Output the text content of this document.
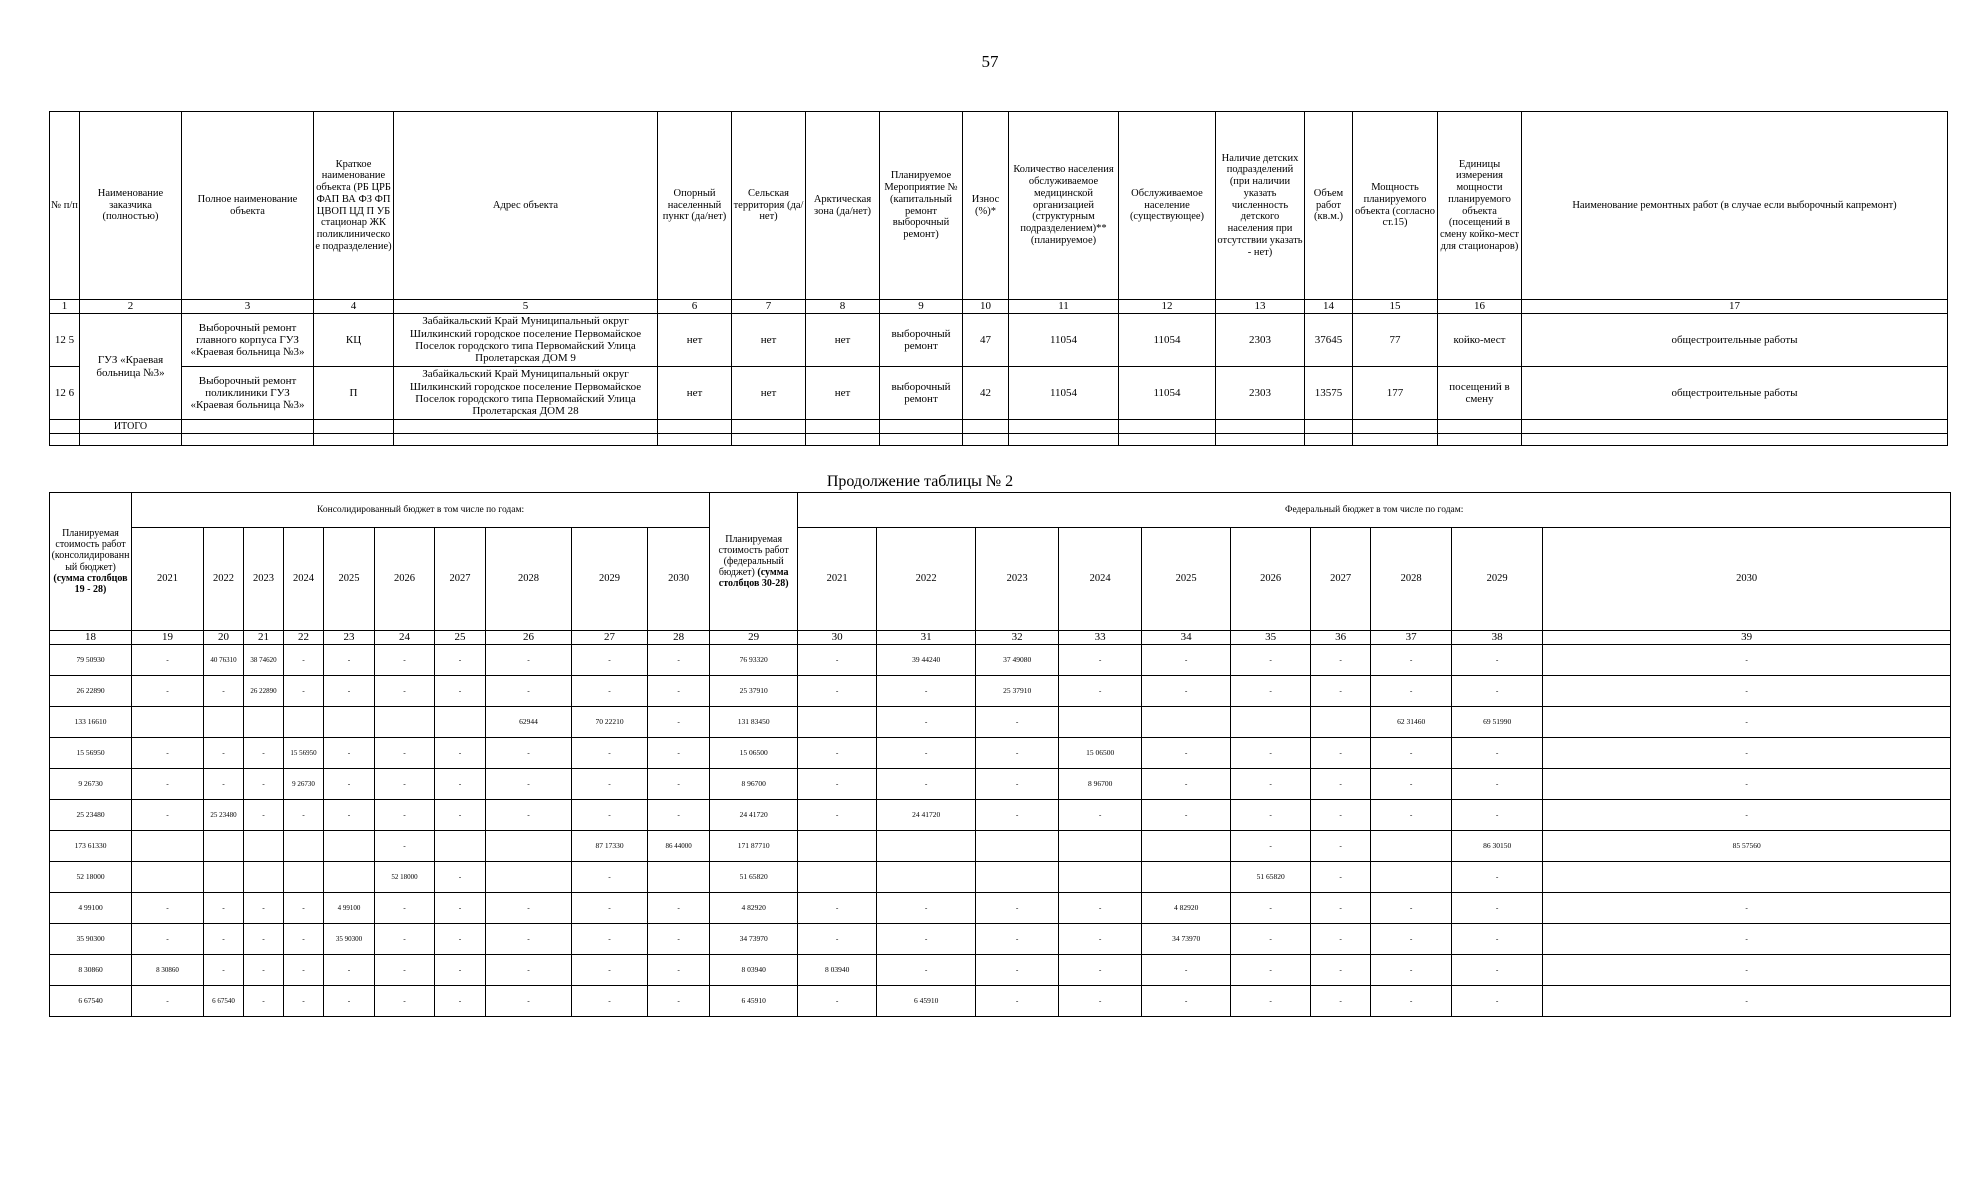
57
№ п/п	Наименование заказчика (полностью)	Полное наименование объекта	Краткое наименование объекта (РБ ЦРБ ФАП ВА ФЗ ФП ЦВОП ЦД П УБ стационар ЖК поликлиническое подразделение)	Адрес объекта	Опорный населенный пункт (да/нет)	Сельская территория (да/нет)	Арктическая зона (да/нет)	Планируемое Мероприятие № (капитальный ремонт выборочный ремонт)	Износ (%)*	Количество населения обслуживаемое медицинской организацией (структурным подразделением)** (планируемое)	Обслуживаемое население (существующее)	Наличие детских подразделений (при наличии указать численность детского населения при отсутствии указать - нет)	Объем работ (кв.м.)	Мощность планируемого объекта (согласно ст.15)	Единицы измерения мощности планируемого объекта (посещений в смену койко-мест для стационаров)	Наименование ремонтных работ (в случае если выборочный капремонт)
1	2	3	4	5	6	7	8	9	10	11	12	13	14	15	16	17
12 5	ГУЗ «Краевая больница №3»	Выборочный ремонт главного корпуса ГУЗ «Краевая больница №3»	КЦ	Забайкальский Край Муниципальный округ Шилкинский городское поселение Первомайское Поселок городского типа Первомайский Улица Пролетарская ДОМ 9	нет	нет	нет	выборочный ремонт	47	11054	11054	2303	37645	77	койко-мест	общестроительные работы
12 6		Выборочный ремонт поликлиники ГУЗ «Краевая больница №3»	П	Забайкальский Край Муниципальный округ Шилкинский городское поселение Первомайское Поселок городского типа Первомайский Улица Пролетарская ДОМ 28	нет	нет	нет	выборочный ремонт	42	11054	11054	2303	13575	177	посещений в смену	общестроительные работы
	ИТОГО															

Продолжение таблицы № 2
Планируемая стоимость работ (консолидированный бюджет) (сумма столбцов 19 - 28)	Консолидированный бюджет в том числе по годам:										Планируемая стоимость работ (федеральный бюджет) (сумма столбцов 30-28)	Федеральный бюджет в том числе по годам:									
	2021	2022	2023	2024	2025	2026	2027	2028	2029	2030		2021	2022	2023	2024	2025	2026	2027	2028	2029	2030
18	19	20	21	22	23	24	25	26	27	28	29	30	31	32	33	34	35	36	37	38	39
79 50930	-	40 76310	38 74620	-	-	-	-	-	-	-	76 93320	-	39 44240	37 49080	-	-	-	-	-	-	-
26 22890	-	-	26 22890	-	-	-	-	-	-	-	25 37910	-	-	25 37910	-	-	-	-	-	-	-
133 16610								62944	70 22210	-	131 83450		-	-					62 31460	69 51990	-
15 56950	-	-	-	15 56950	-	-	-	-	-	-	15 06500	-	-	-	15 06500	-	-	-	-	-	-
9 26730	-	-	-	9 26730	-	-	-	-	-	-	8 96700	-	-	-	8 96700	-	-	-	-	-	-
25 23480	-	25 23480	-	-	-	-	-	-	-	-	24 41720	-	24 41720	-	-	-	-	-	-	-	-
173 61330						-			87 17330	86 44000	171 87710						-	-		86 30150	85 57560
52 18000						52 18000	-		-		51 65820						51 65820	-		-	
4 99100	-	-	-	-	4 99100	-	-	-	-	-	4 82920	-	-	-	-	4 82920	-	-	-	-	-
35 90300	-	-	-	-	35 90300	-	-	-	-	-	34 73970	-	-	-	-	34 73970	-	-	-	-	-
8 30860	8 30860	-	-	-	-	-	-	-	-	-	8 03940	8 03940	-	-	-	-	-	-	-	-	-
6 67540	-	6 67540	-	-	-	-	-	-	-	-	6 45910	-	6 45910	-	-	-	-	-	-	-	-
